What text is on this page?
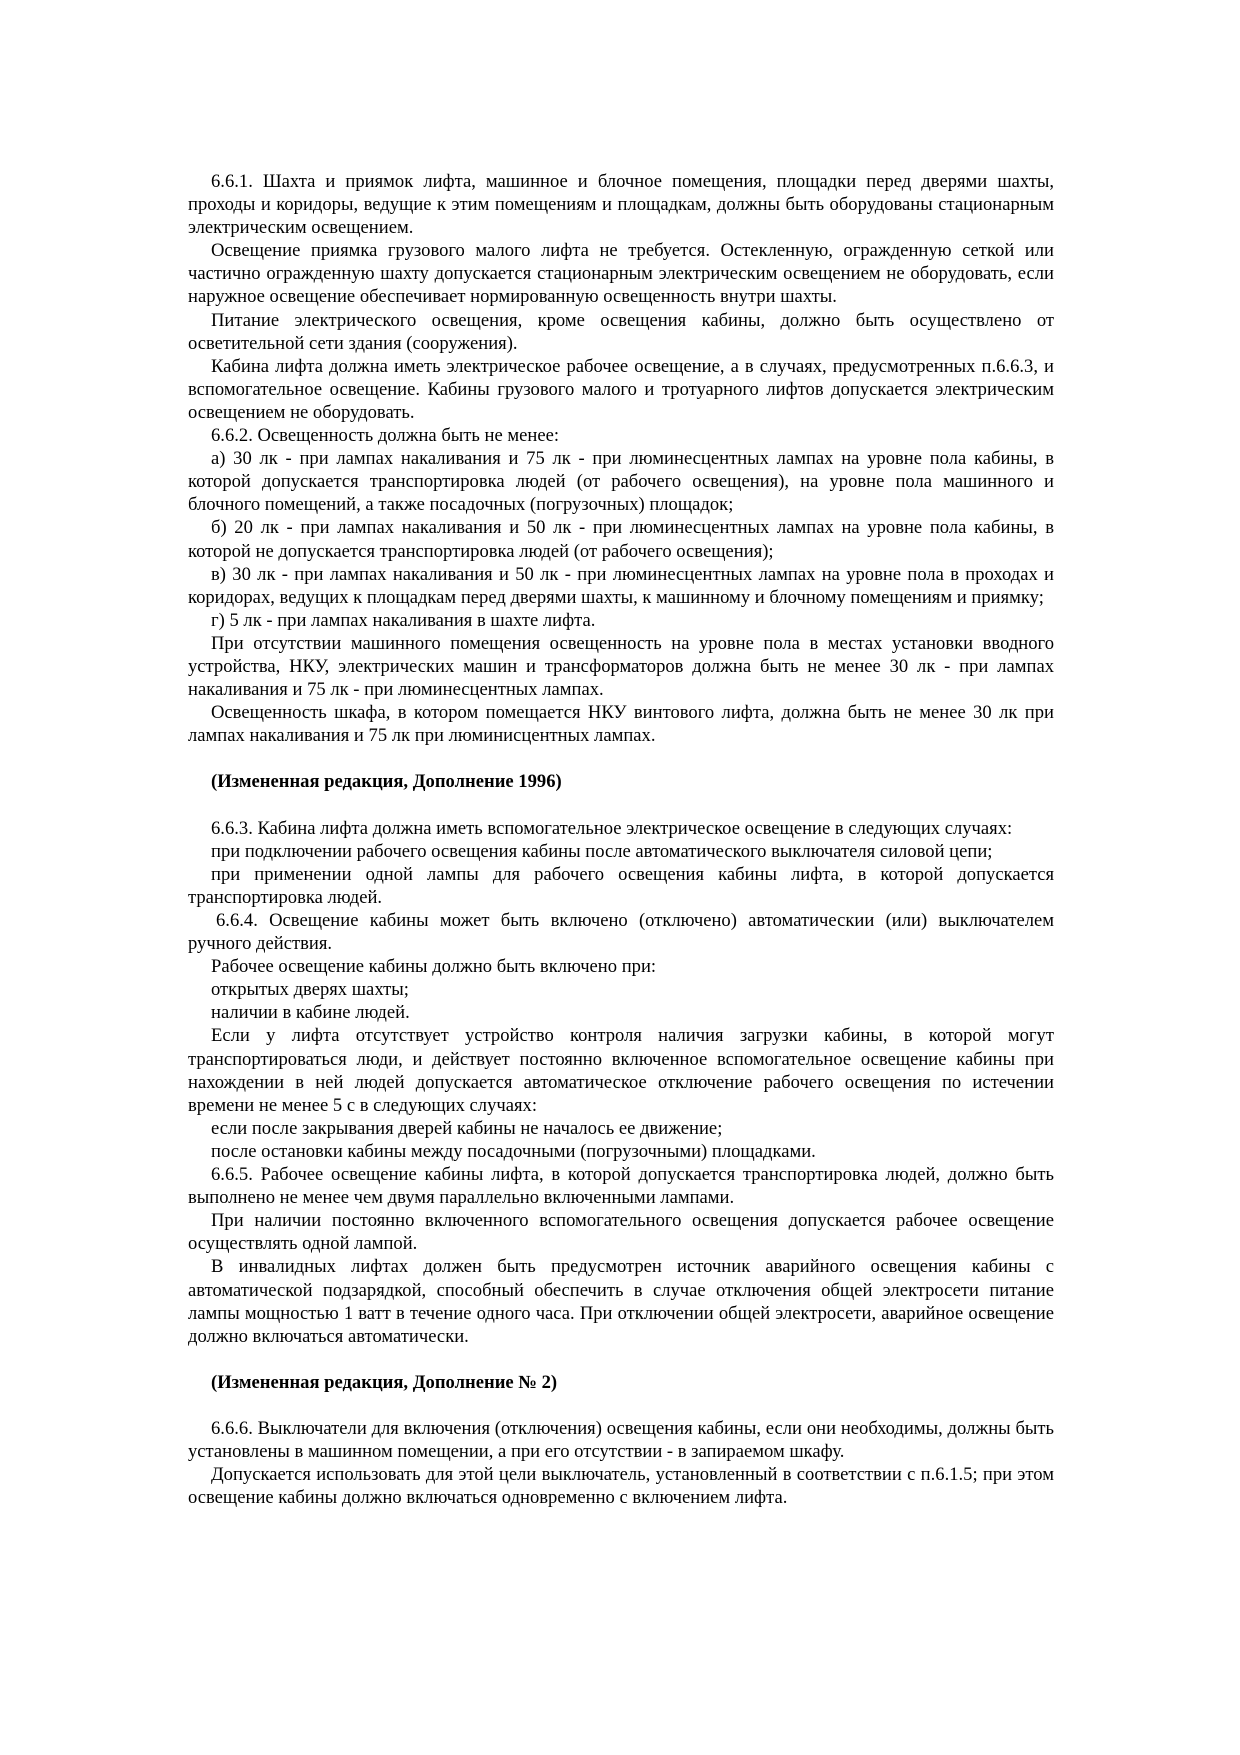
6.6.1. Шахта и приямок лифта, машинное и блочное помещения, площадки перед дверями шахты, проходы и коридоры, ведущие к этим помещениям и площадкам, должны быть оборудованы стационарным электрическим освещением.

Освещение приямка грузового малого лифта не требуется. Остекленную, огражденную сеткой или частично огражденную шахту допускается стационарным электрическим освещением не оборудовать, если наружное освещение обеспечивает нормированную освещенность внутри шахты.

Питание электрического освещения, кроме освещения кабины, должно быть осуществлено от осветительной сети здания (сооружения).

Кабина лифта должна иметь электрическое рабочее освещение, а в случаях, предусмотренных п.6.6.3, и вспомогательное освещение. Кабины грузового малого и тротуарного лифтов допускается электрическим освещением не оборудовать.

6.6.2. Освещенность должна быть не менее:

а) 30 лк - при лампах накаливания и 75 лк - при люминесцентных лампах на уровне пола кабины, в которой допускается транспортировка людей (от рабочего освещения), на уровне пола машинного и блочного помещений, а также посадочных (погрузочных) площадок;

б) 20 лк - при лампах накаливания и 50 лк - при люминесцентных лампах на уровне пола кабины, в которой не допускается транспортировка людей (от рабочего освещения);

в) 30 лк - при лампах накаливания и 50 лк - при люминесцентных лампах на уровне пола в проходах и коридорах, ведущих к площадкам перед дверями шахты, к машинному и блочному помещениям и приямку;

г) 5 лк - при лампах накаливания в шахте лифта.

При отсутствии машинного помещения освещенность на уровне пола в местах установки вводного устройства, НКУ, электрических машин и трансформаторов должна быть не менее 30 лк - при лампах накаливания и 75 лк - при люминесцентных лампах.

Освещенность шкафа, в котором помещается НКУ винтового лифта, должна быть не менее 30 лк при лампах накаливания и 75 лк при люминисцентных лампах.

(Измененная редакция, Дополнение 1996)

6.6.3. Кабина лифта должна иметь вспомогательное электрическое освещение в следующих случаях:

при подключении рабочего освещения кабины после автоматического выключателя силовой цепи;

при применении одной лампы для рабочего освещения кабины лифта, в которой допускается транспортировка людей.

6.6.4. Освещение кабины может быть включено (отключено) автоматическии (или) выключателем ручного действия.

Рабочее освещение кабины должно быть включено при:

открытых дверях шахты;

наличии в кабине людей.

Если у лифта отсутствует устройство контроля наличия загрузки кабины, в которой могут транспортироваться люди, и действует постоянно включенное вспомогательное освещение кабины при нахождении в ней людей допускается автоматическое отключение рабочего освещения по истечении времени не менее 5 с в следующих случаях:

если после закрывания дверей кабины не началось ее движение;

после остановки кабины между посадочными (погрузочными) площадками.

6.6.5. Рабочее освещение кабины лифта, в которой допускается транспортировка людей, должно быть выполнено не менее чем двумя параллельно включенными лампами.

При наличии постоянно включенного вспомогательного освещения допускается рабочее освещение осуществлять одной лампой.

В инвалидных лифтах должен быть предусмотрен источник аварийного освещения кабины с автоматической подзарядкой, способный обеспечить в случае отключения общей электросети питание лампы мощностью 1 ватт в течение одного часа. При отключении общей электросети, аварийное освещение должно включаться автоматически.

(Измененная редакция, Дополнение № 2)

6.6.6. Выключатели для включения (отключения) освещения кабины, если они необходимы, должны быть установлены в машинном помещении, а при его отсутствии - в запираемом шкафу.

Допускается использовать для этой цели выключатель, установленный в соответствии с п.6.1.5; при этом освещение кабины должно включаться одновременно с включением лифта.
